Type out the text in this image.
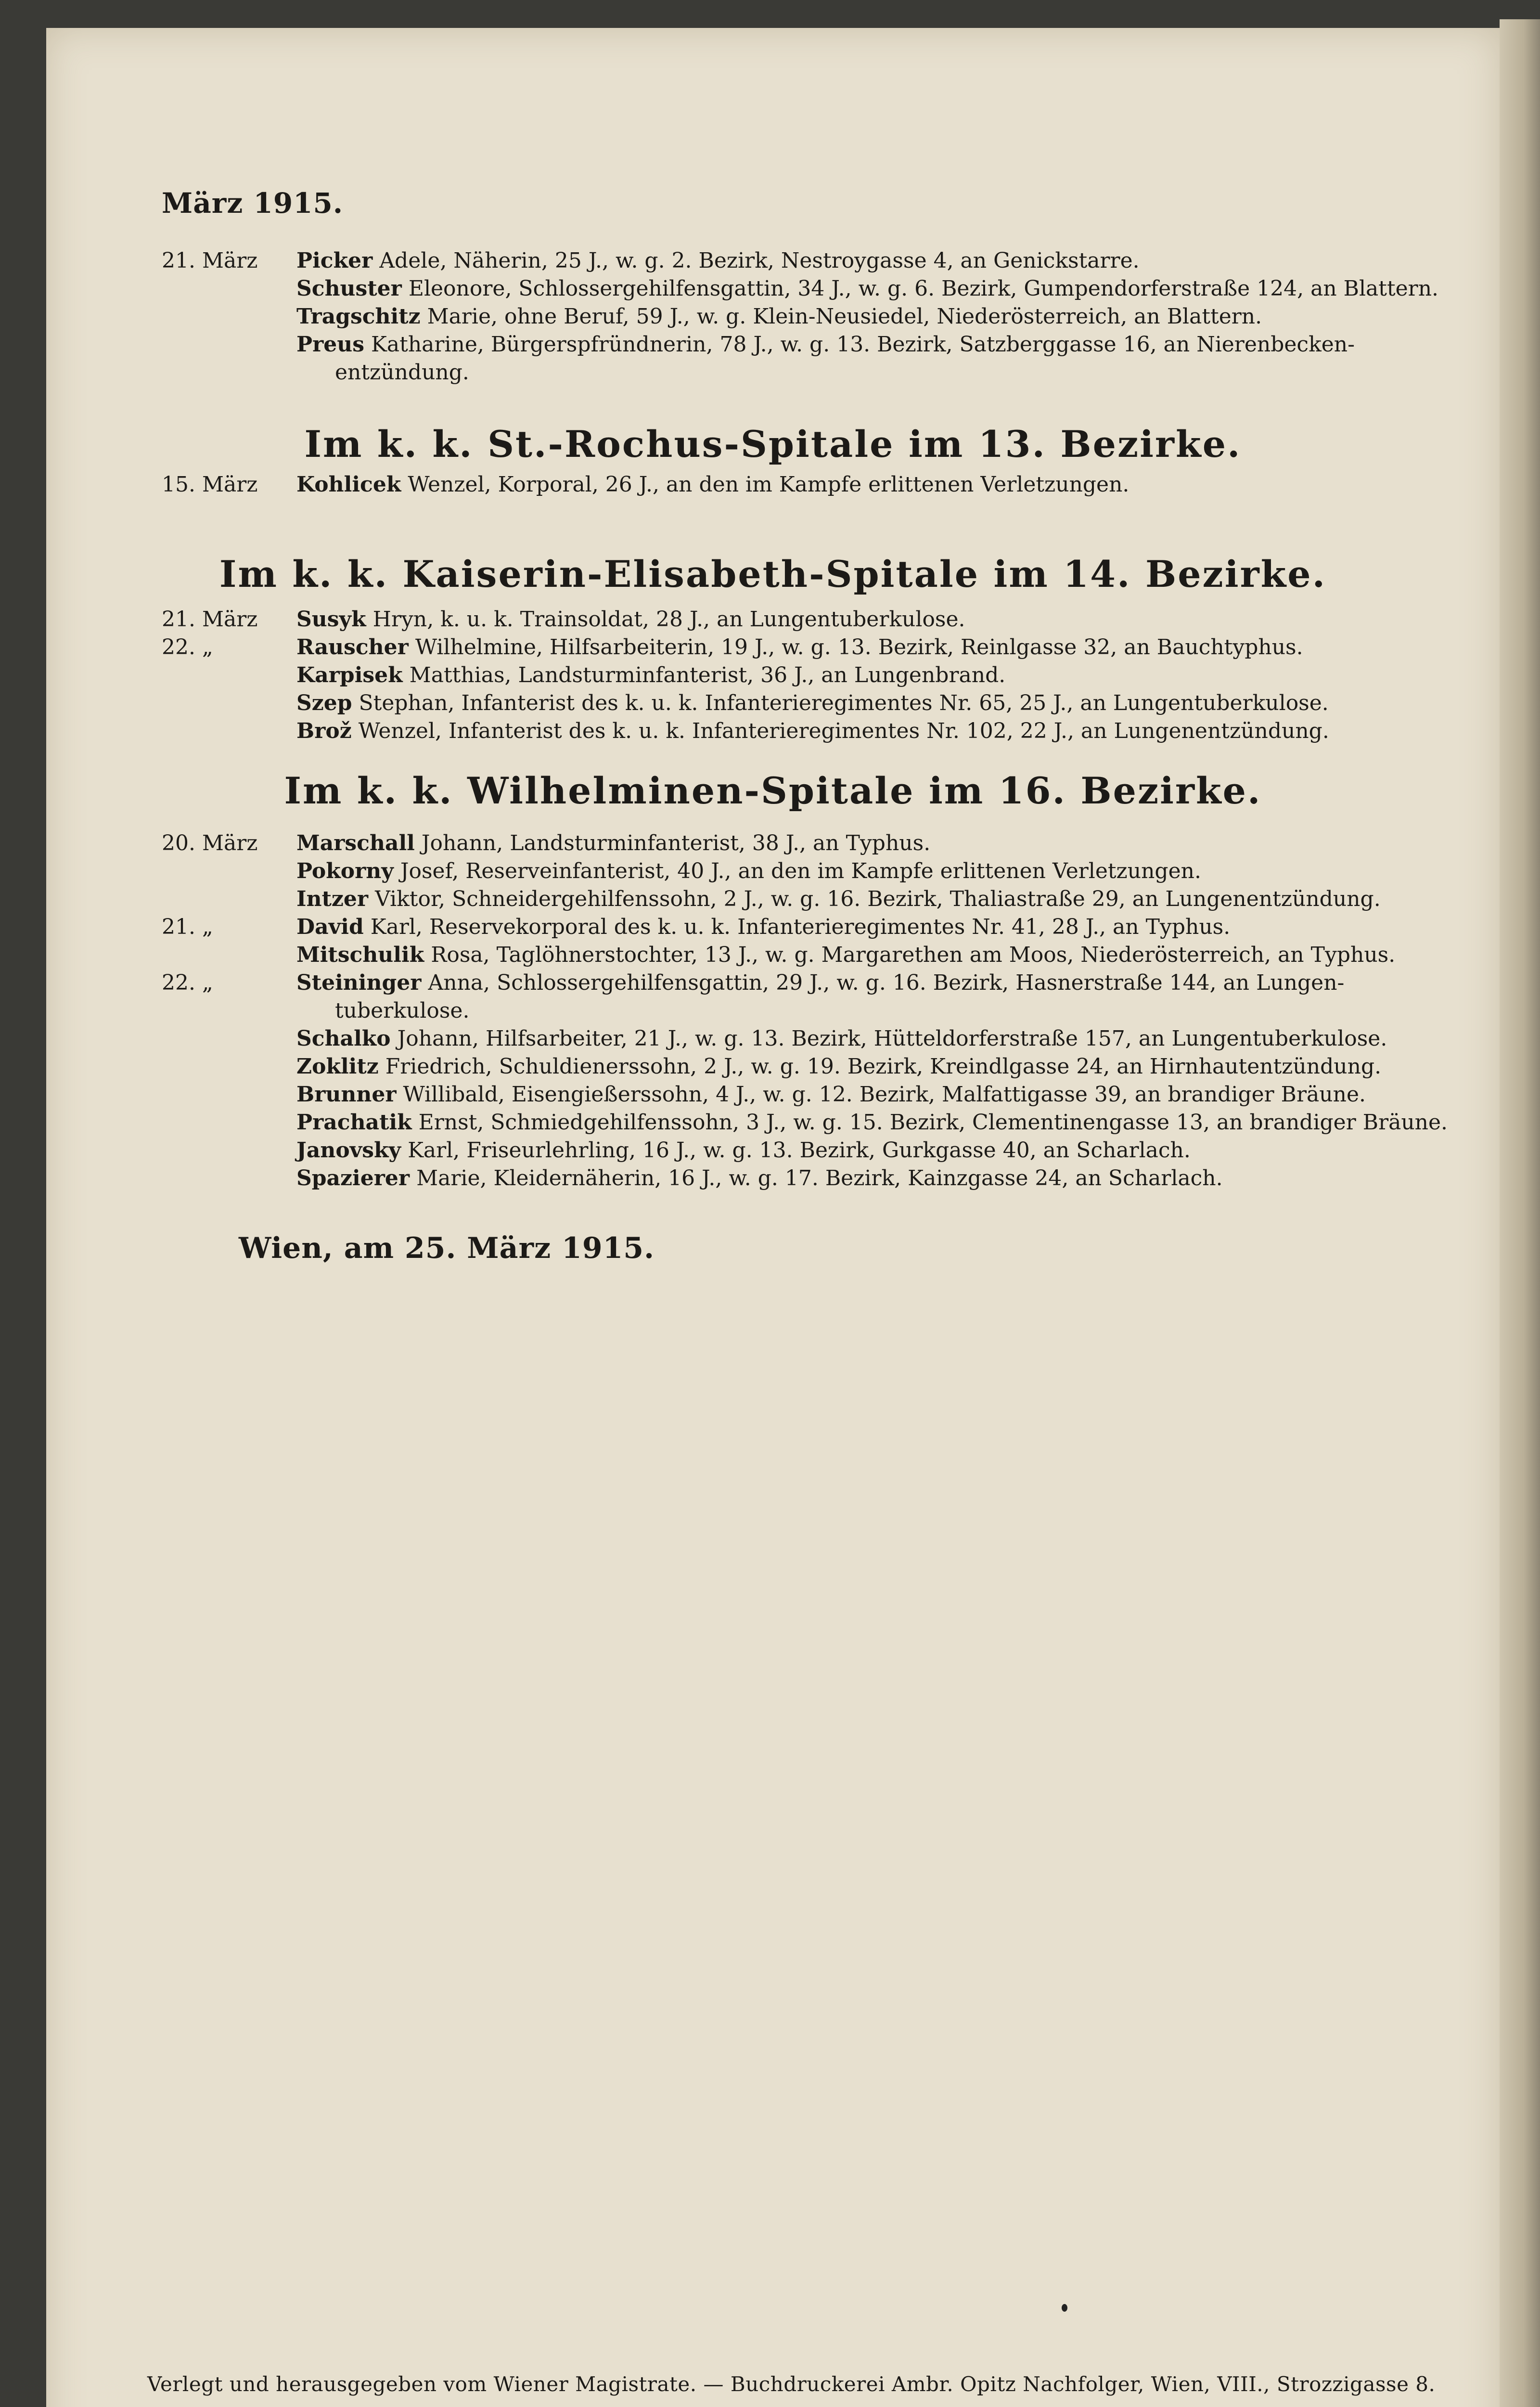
März 1915.
Wien, am 25. März 1915.
Verlegt und herausgegeben vom Wiener Magistrate. — Buchdruckerei Ambr. Opitz Nachfolger, Wien, VIII., Strozzigasse 8.
21. März	Picker Adele, Näherin, 25 J., w. g. 2. Bezirk, Nestroygasse 4, an Genickstarre.
Schuster Eleonore, Schlossergehilfensgattin, 34 J., w. g. 6. Bezirk, Gumpendorferstraße 124, an Blattern.
Tragschitz Marie, ohne Beruf, 59 J., w. g. Klein-Neusiedel, Niederösterreich, an Blattern.
Preus Katharine, Bürgerspfründnerin, 78 J., w. g. 13. Bezirk, Satzberggasse 16, an Nierenbecken-
entzündung.
Im k. k. St.-Rochus-Spitale im 13. Bezirke.
15. März	Kohlicek Wenzel, Korporal, 26 J., an den im Kampfe erlittenen Verletzungen.
Im k. k. Kaiserin-Elisabeth-Spitale im 14. Bezirke.
21. März	Susyk Hryn, k. u. k. Trainsoldat, 28 J., an Lungentuberkulose.
22. „	Rauscher Wilhelmine, Hilfsarbeiterin, 19 J., w. g. 13. Bezirk, Reinlgasse 32, an Bauchtyphus.
Karpisek Matthias, Landsturminfanterist, 36 J., an Lungenbrand.
Szep Stephan, Infanterist des k. u. k. Infanterieregimentes Nr. 65, 25 J., an Lungentuberkulose.
Brož Wenzel, Infanterist des k. u. k. Infanterieregimentes Nr. 102, 22 J., an Lungenentzündung.
Im k. k. Wilhelminen-Spitale im 16. Bezirke.
20. März	Marschall Johann, Landsturminfanterist, 38 J., an Typhus.
Pokorny Josef, Reserveinfanterist, 40 J., an den im Kampfe erlittenen Verletzungen.
Intzer Viktor, Schneidergehilfenssohn, 2 J., w. g. 16. Bezirk, Thaliastraße 29, an Lungenentzündung.
21. „	David Karl, Reservekorporal des k. u. k. Infanterieregimentes Nr. 41, 28 J., an Typhus.
Mitschulik Rosa, Taglöhnerstochter, 13 J., w. g. Margarethen am Moos, Niederösterreich, an Typhus.
22. „	Steininger Anna, Schlossergehilfensgattin, 29 J., w. g. 16. Bezirk, Hasnerstraße 144, an Lungen-
tuberkulose.
Schalko Johann, Hilfsarbeiter, 21 J., w. g. 13. Bezirk, Hütteldorferstraße 157, an Lungentuberkulose.
Zoklitz Friedrich, Schuldienerssohn, 2 J., w. g. 19. Bezirk, Kreindlgasse 24, an Hirnhautentzündung.
Brunner Willibald, Eisengießerssohn, 4 J., w. g. 12. Bezirk, Malfattigasse 39, an brandiger Bräune.
Prachatik Ernst, Schmiedgehilfenssohn, 3 J., w. g. 15. Bezirk, Clementinengasse 13, an brandiger Bräune.
Janovsky Karl, Friseurlehrling, 16 J., w. g. 13. Bezirk, Gurkgasse 40, an Scharlach.
Spazierer Marie, Kleidernäherin, 16 J., w. g. 17. Bezirk, Kainzgasse 24, an Scharlach.
